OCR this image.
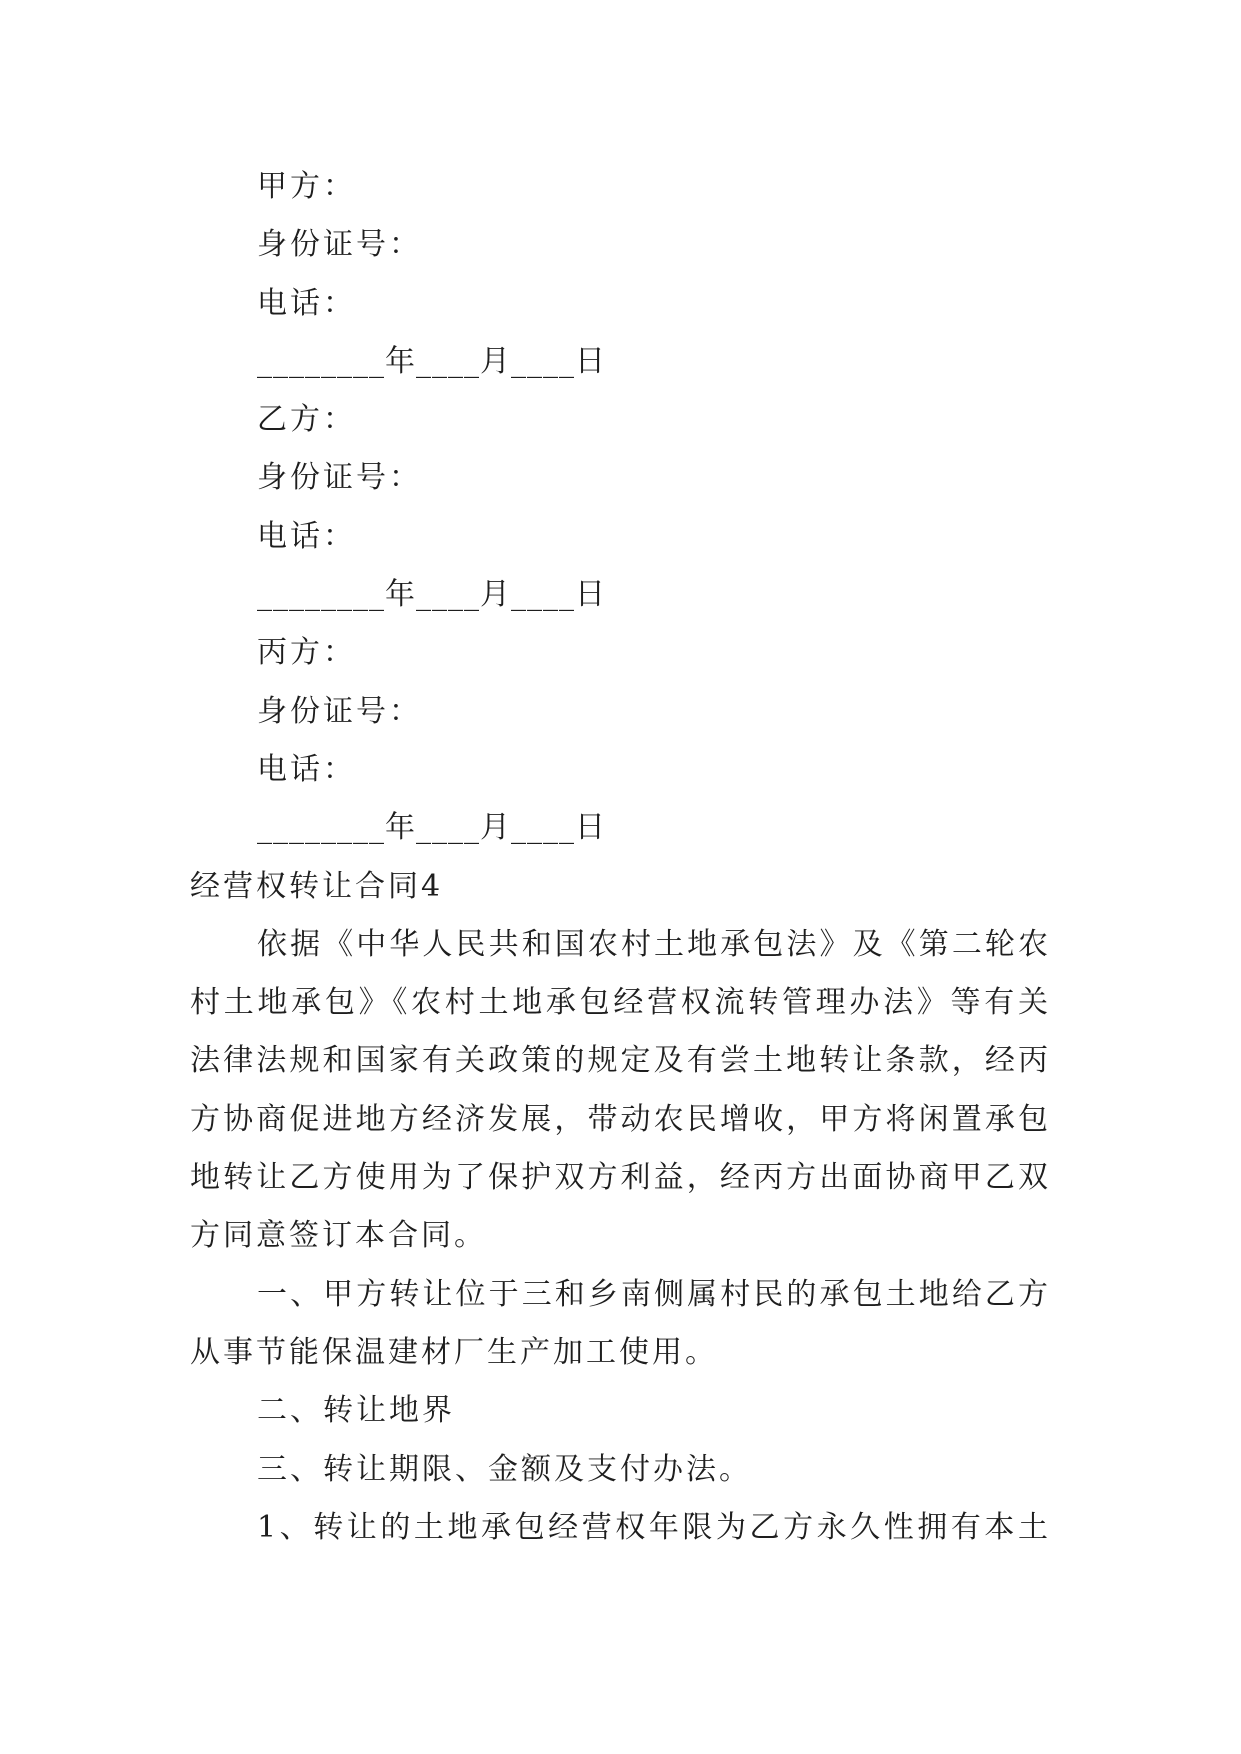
甲方：
身份证号：
电话：
________年____月____日
乙方：
身份证号：
电话：
________年____月____日
丙方：
身份证号：
电话：
________年____月____日
经营权转让合同4
依据《中华人民共和国农村土地承包法》及《第二轮农
村土地承包》《农村土地承包经营权流转管理办法》等有关
法律法规和国家有关政策的规定及有尝土地转让条款，经丙
方协商促进地方经济发展，带动农民增收，甲方将闲置承包
地转让乙方使用为了保护双方利益，经丙方出面协商甲乙双
方同意签订本合同。
一、甲方转让位于三和乡南侧属村民的承包土地给乙方
从事节能保温建材厂生产加工使用。
二、转让地界
三、转让期限、金额及支付办法。
1、转让的土地承包经营权年限为乙方永久性拥有本土
